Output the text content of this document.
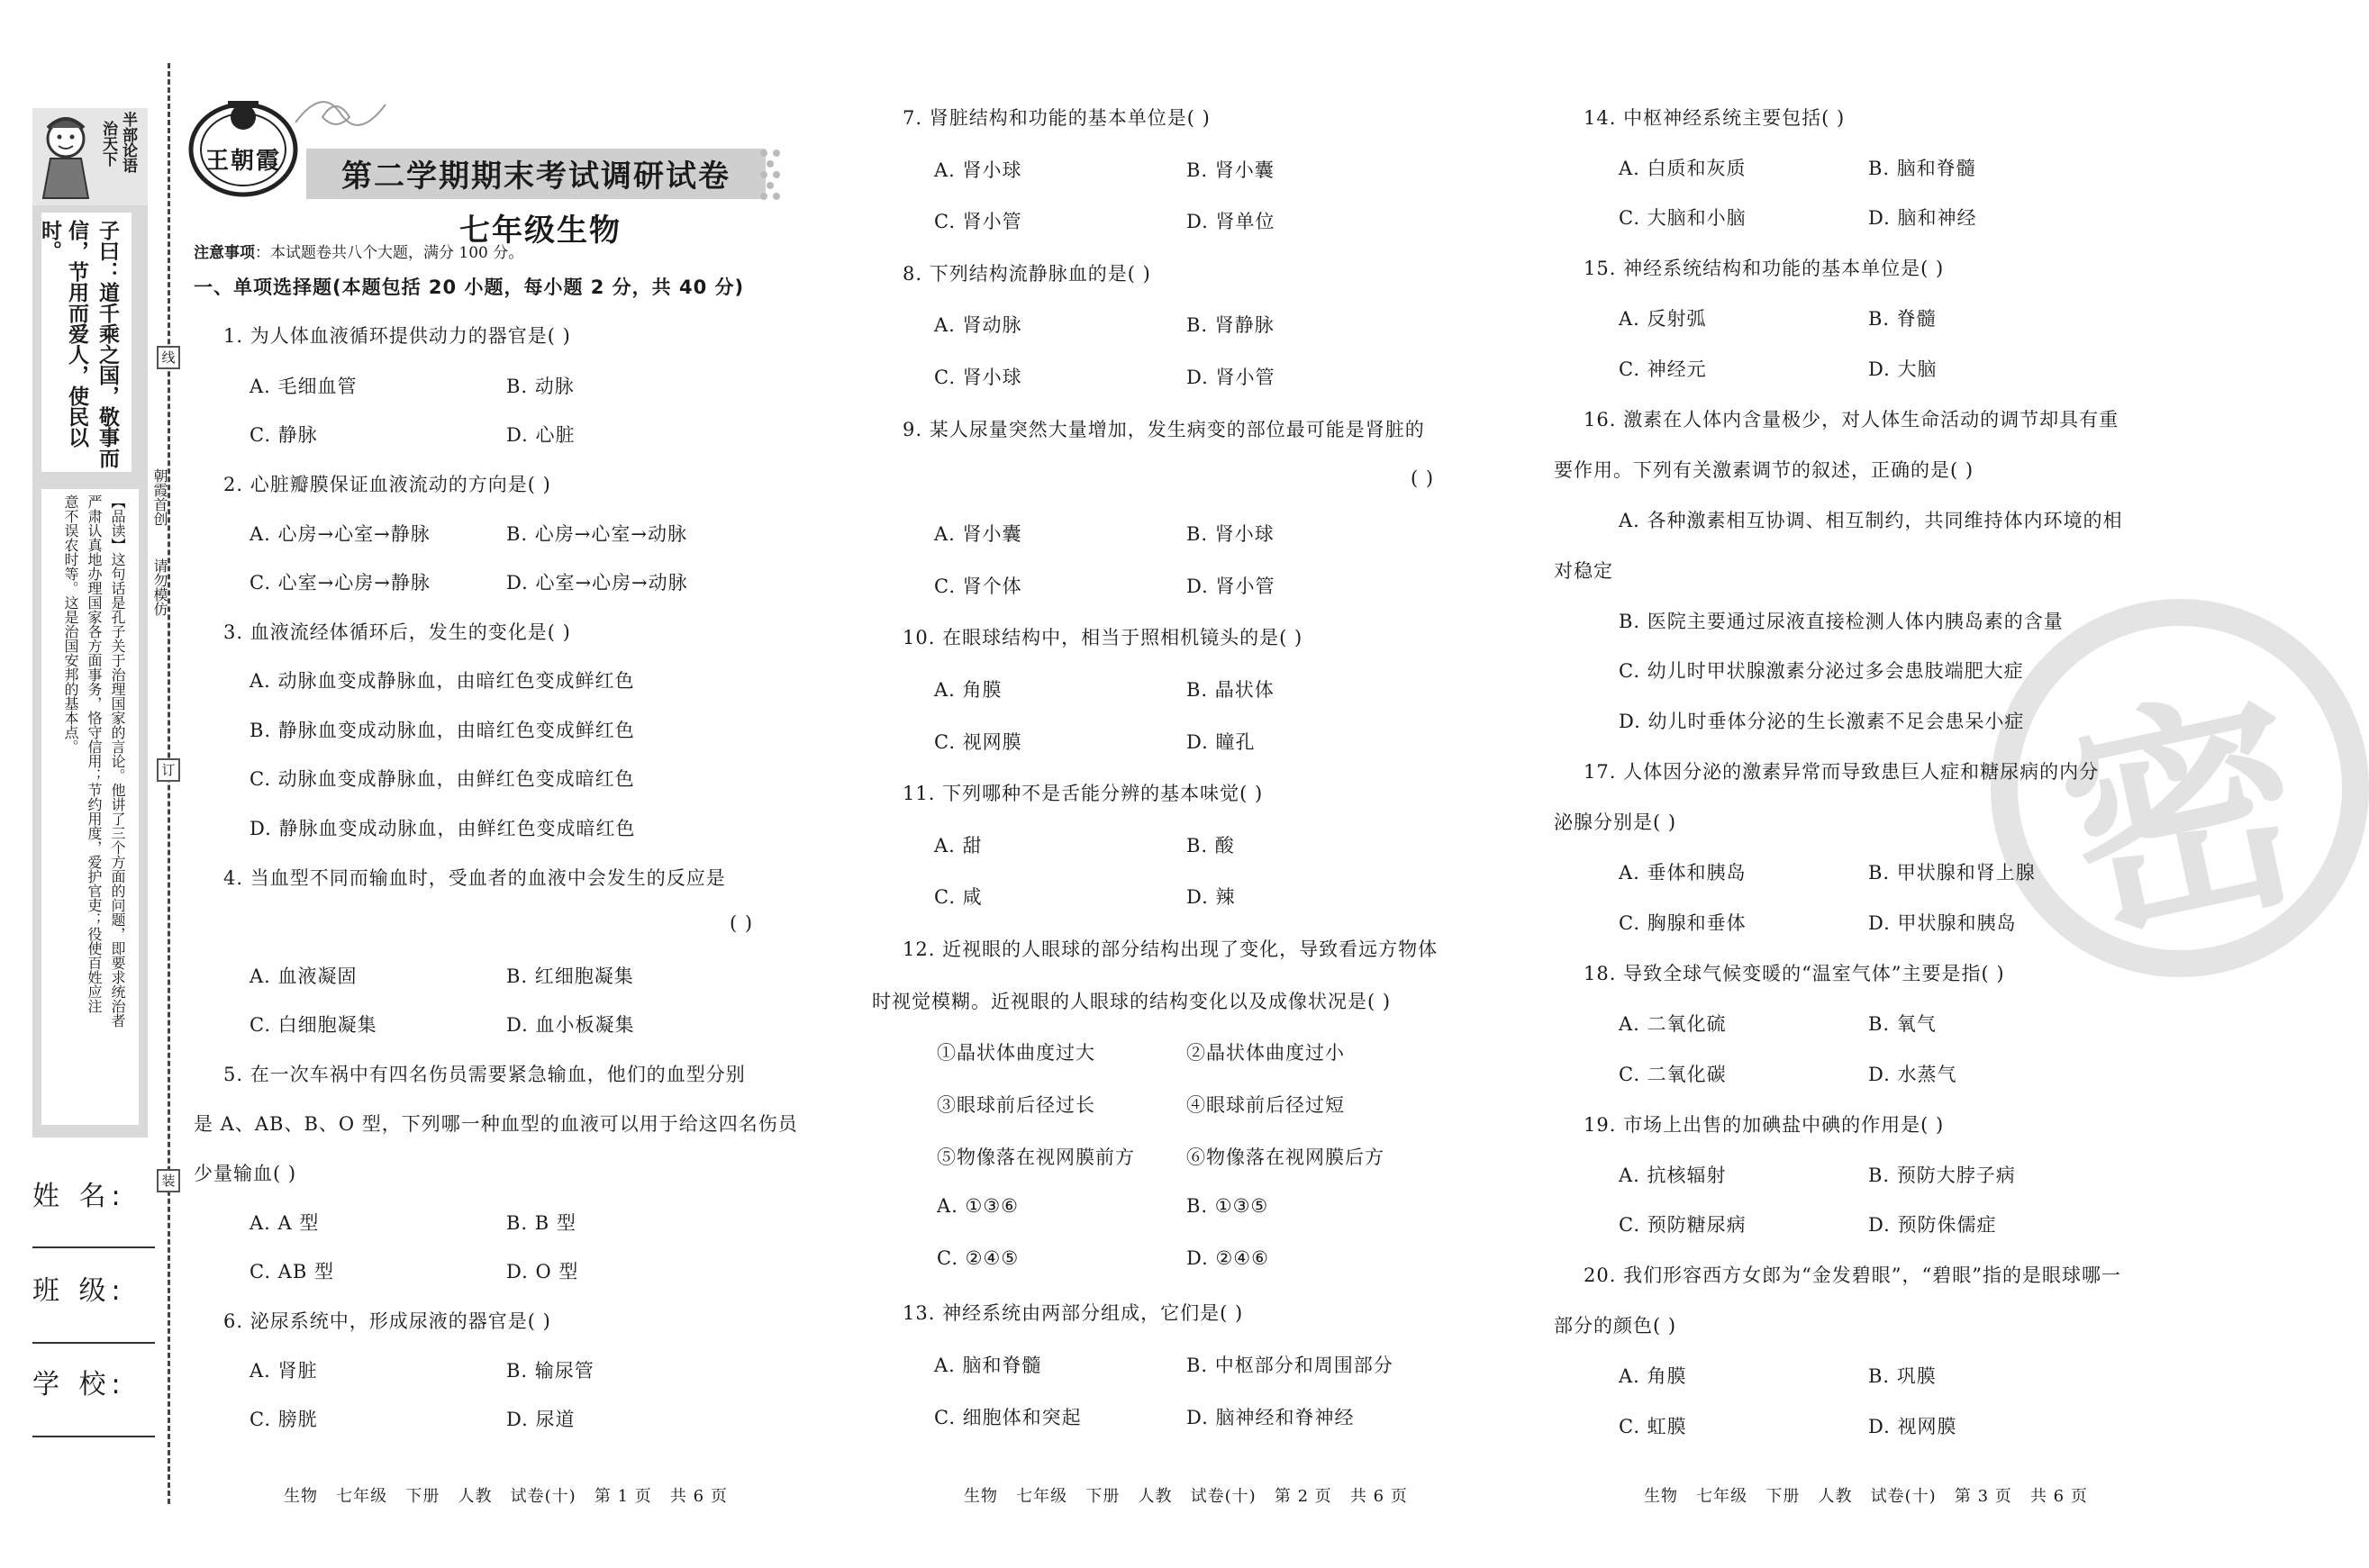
半部论语
治天下
子曰：道千乘之国，敬事而
信，节用而爱人，使民以时。
【品读】这句话是孔子关于治理国家的言论。他讲了三个方面的问题，即要求统治者
严肃认真地办理国家各方面事务，恪守信用；节约用度，爱护官吏；役使百姓应注
意不误农时等。这是治国安邦的基本点。
姓 名:
班 级:
学 校:
线
订
装
朝霞首创
请勿模仿
王朝霞	第二学期期末考试调研试卷
七年级生物
注意事项：本试题卷共八个大题，满分 100 分。
一、单项选择题(本题包括 20 小题，每小题 2 分，共 40 分)
密
1. 为人体血液循环提供动力的器官是( )
A. 毛细血管	B. 动脉
C. 静脉	D. 心脏
2. 心脏瓣膜保证血液流动的方向是( )
A. 心房→心室→静脉	B. 心房→心室→动脉
C. 心室→心房→静脉	D. 心室→心房→动脉
3. 血液流经体循环后，发生的变化是( )
A. 动脉血变成静脉血，由暗红色变成鲜红色
B. 静脉血变成动脉血，由暗红色变成鲜红色
C. 动脉血变成静脉血，由鲜红色变成暗红色
D. 静脉血变成动脉血，由鲜红色变成暗红色
4. 当血型不同而输血时，受血者的血液中会发生的反应是
( )
A. 血液凝固	B. 红细胞凝集
C. 白细胞凝集	D. 血小板凝集
5. 在一次车祸中有四名伤员需要紧急输血，他们的血型分别
是 A、AB、B、O 型，下列哪一种血型的血液可以用于给这四名伤员
少量输血( )
A. A 型	B. B 型
C. AB 型	D. O 型
6. 泌尿系统中，形成尿液的器官是( )
A. 肾脏	B. 输尿管
C. 膀胱	D. 尿道
7. 肾脏结构和功能的基本单位是( )
A. 肾小球	B. 肾小囊
C. 肾小管	D. 肾单位
8. 下列结构流静脉血的是( )
A. 肾动脉	B. 肾静脉
C. 肾小球	D. 肾小管
9. 某人尿量突然大量增加，发生病变的部位最可能是肾脏的
( )
A. 肾小囊	B. 肾小球
C. 肾个体	D. 肾小管
10. 在眼球结构中，相当于照相机镜头的是( )
A. 角膜	B. 晶状体
C. 视网膜	D. 瞳孔
11. 下列哪种不是舌能分辨的基本味觉( )
A. 甜	B. 酸
C. 咸	D. 辣
12. 近视眼的人眼球的部分结构出现了变化，导致看远方物体
时视觉模糊。近视眼的人眼球的结构变化以及成像状况是( )
①晶状体曲度过大	②晶状体曲度过小
③眼球前后径过长	④眼球前后径过短
⑤物像落在视网膜前方	⑥物像落在视网膜后方
A. ①③⑥	B. ①③⑤
C. ②④⑤	D. ②④⑥
13. 神经系统由两部分组成，它们是( )
A. 脑和脊髓	B. 中枢部分和周围部分
C. 细胞体和突起	D. 脑神经和脊神经
14. 中枢神经系统主要包括( )
A. 白质和灰质	B. 脑和脊髓
C. 大脑和小脑	D. 脑和神经
15. 神经系统结构和功能的基本单位是( )
A. 反射弧	B. 脊髓
C. 神经元	D. 大脑
16. 激素在人体内含量极少，对人体生命活动的调节却具有重
要作用。下列有关激素调节的叙述，正确的是( )
A. 各种激素相互协调、相互制约，共同维持体内环境的相
对稳定
B. 医院主要通过尿液直接检测人体内胰岛素的含量
C. 幼儿时甲状腺激素分泌过多会患肢端肥大症
D. 幼儿时垂体分泌的生长激素不足会患呆小症
17. 人体因分泌的激素异常而导致患巨人症和糖尿病的内分
泌腺分别是( )
A. 垂体和胰岛	B. 甲状腺和肾上腺
C. 胸腺和垂体	D. 甲状腺和胰岛
18. 导致全球气候变暖的“温室气体”主要是指( )
A. 二氧化硫	B. 氧气
C. 二氧化碳	D. 水蒸气
19. 市场上出售的加碘盐中碘的作用是( )
A. 抗核辐射	B. 预防大脖子病
C. 预防糖尿病	D. 预防侏儒症
20. 我们形容西方女郎为“金发碧眼”，“碧眼”指的是眼球哪一
部分的颜色( )
A. 角膜	B. 巩膜
C. 虹膜	D. 视网膜
生物   七年级   下册   人教   试卷(十)   第 1 页   共 6 页	生物   七年级   下册   人教   试卷(十)   第 2 页   共 6 页	生物   七年级   下册   人教   试卷(十)   第 3 页   共 6 页
